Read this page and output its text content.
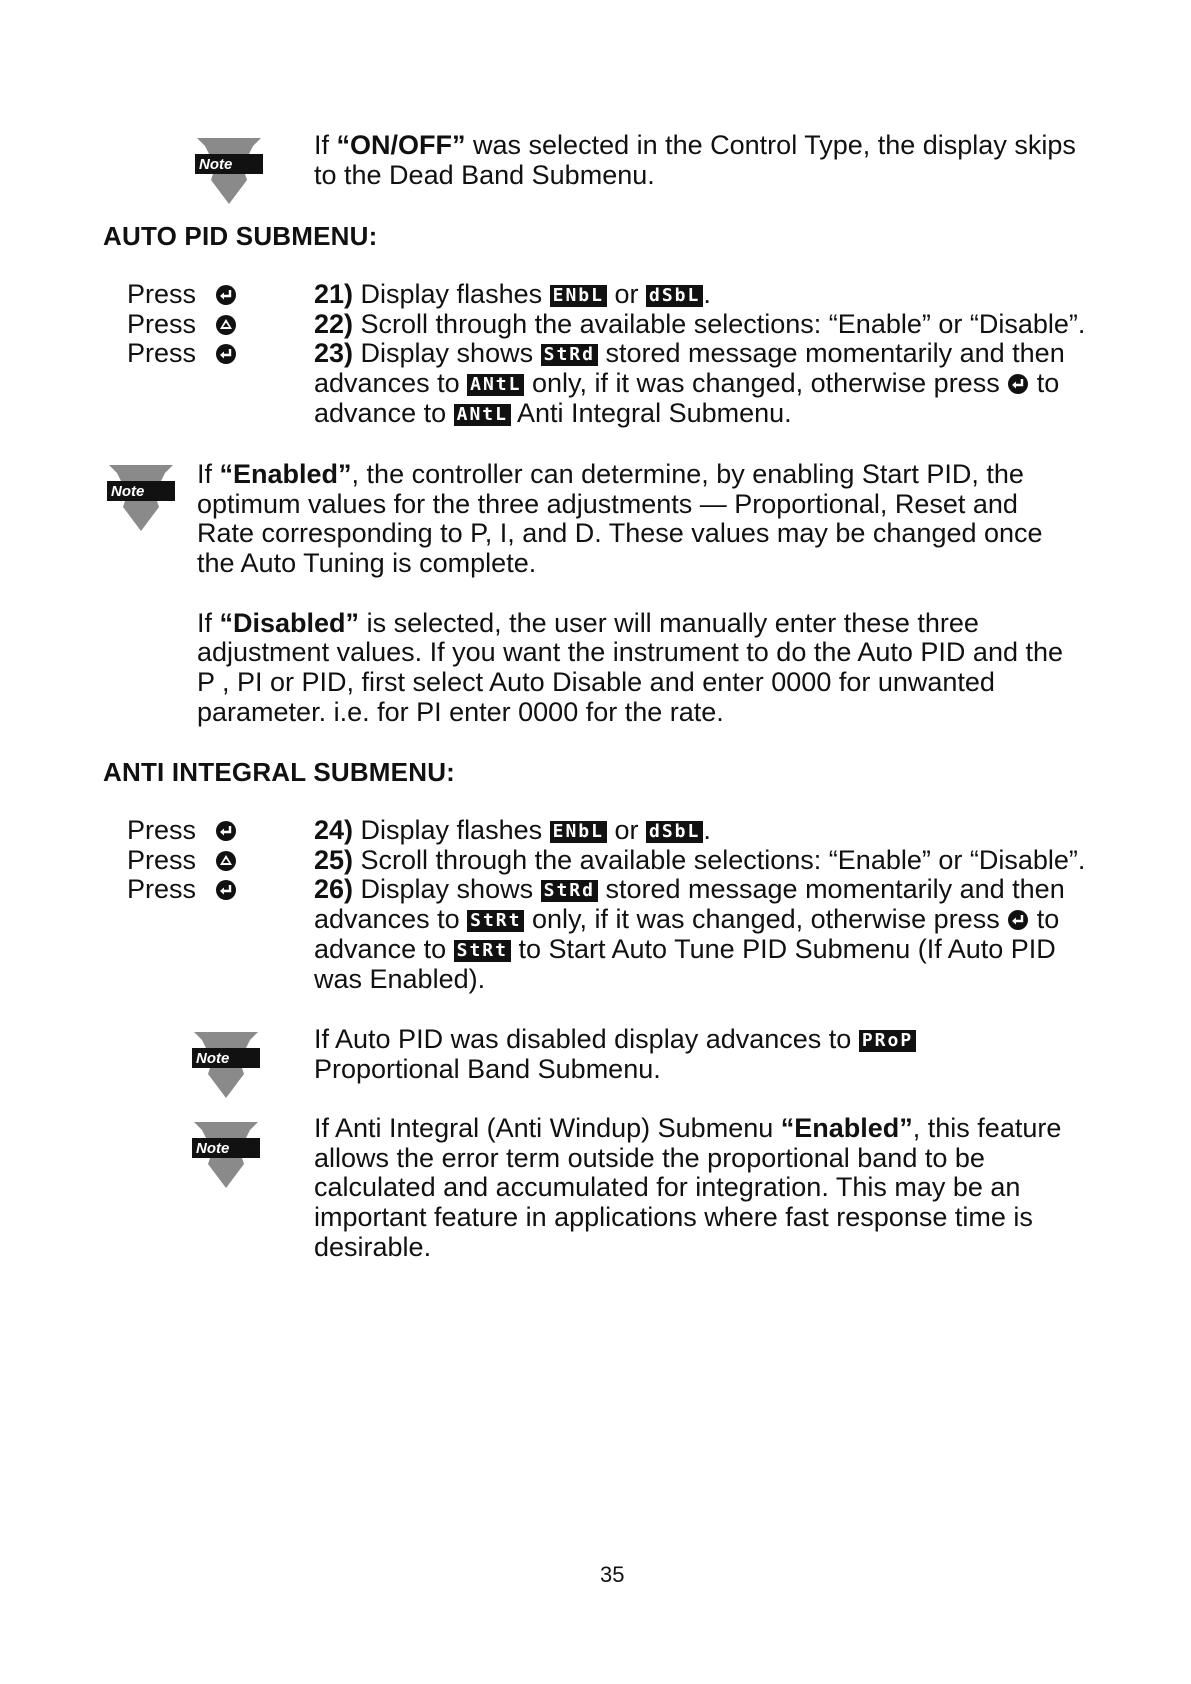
Note
If “ON/OFF” was selected in the Control Type, the display skips
to the Dead Band Submenu.
AUTO PID SUBMENU:
Press
Press
Press
21) Display flashes ENbL or dSbL .
22) Scroll through the available selections: “Enable” or “Disable”.
23) Display shows StRd stored message momentarily and then
advances to ANtL only, if it was changed, otherwise press  to
advance to ANtL Anti Integral Submenu.
Note
If “Enabled”, the controller can determine, by enabling Start PID, the
optimum values for the three adjustments — Proportional, Reset and
Rate corresponding to P, I, and D. These values may be changed once
the Auto Tuning is complete.
If “Disabled” is selected, the user will manually enter these three
adjustment values. If you want the instrument to do the Auto PID and the
P , PI or PID, first select Auto Disable and enter 0000 for unwanted
parameter. i.e. for PI enter 0000 for the rate.
ANTI INTEGRAL SUBMENU:
Press
Press
Press
24) Display flashes ENbL or dSbL .
25) Scroll through the available selections: “Enable” or “Disable”.
26) Display shows StRd stored message momentarily and then
advances to StRt only, if it was changed, otherwise press  to
advance to StRt to Start Auto Tune PID Submenu (If Auto PID
was Enabled).
Note
If Auto PID was disabled display advances to PRoP
Proportional Band Submenu.
Note
If Anti Integral (Anti Windup) Submenu “Enabled”, this feature
allows the error term outside the proportional band to be
calculated and accumulated for integration. This may be an
important feature in applications where fast response time is
desirable.
35
